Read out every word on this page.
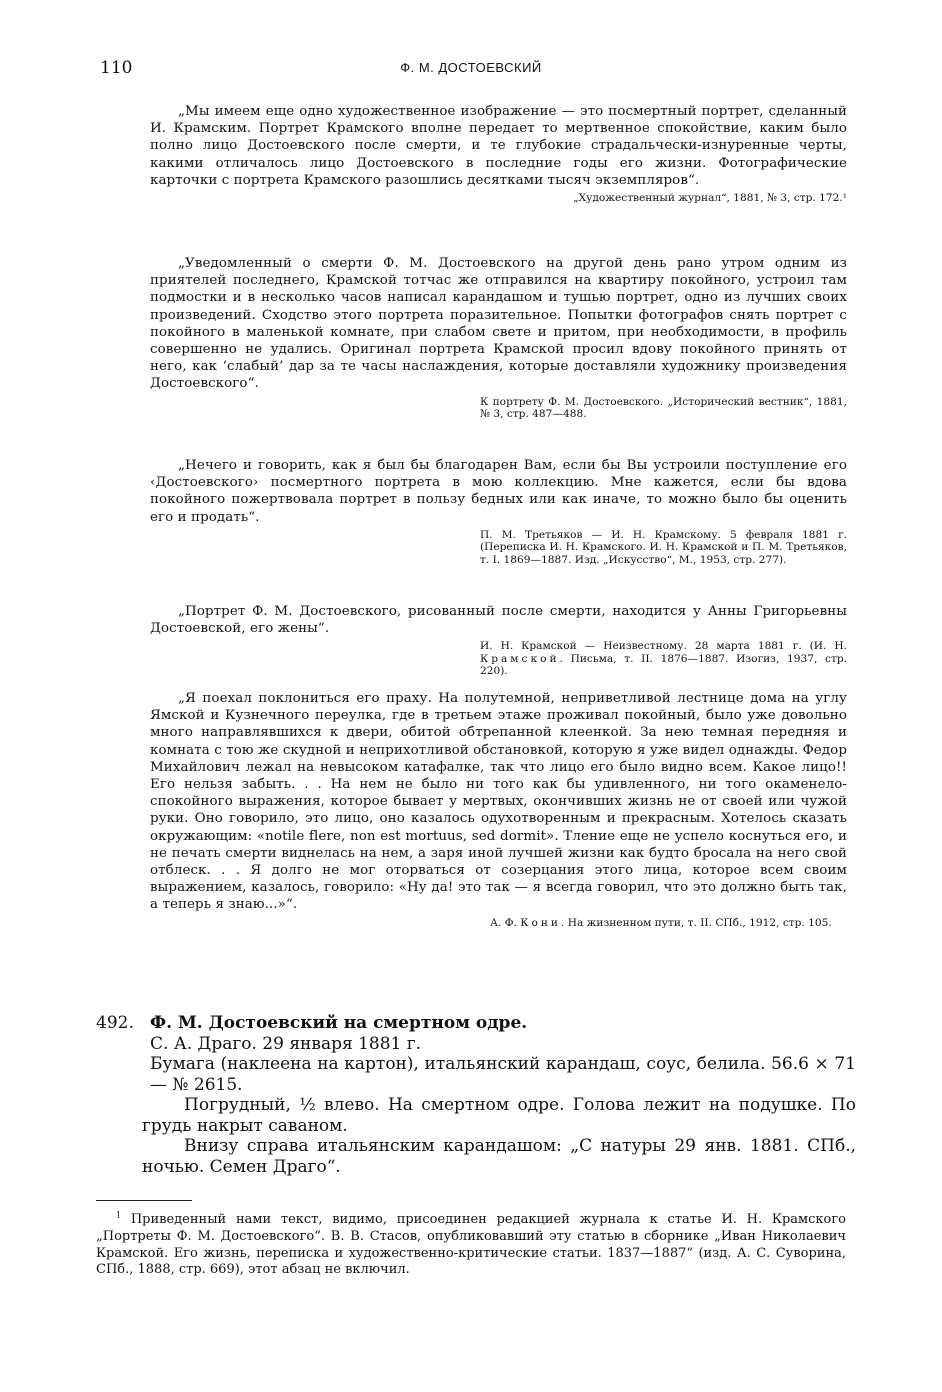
110	Ф. М. ДОСТОЕВСКИЙ

„Мы имеем еще одно художественное изображение — это посмертный портрет, сделанный И. Крамским. Портрет Крамского вполне передает то мертвенное спокойствие, каким было полно лицо Достоевского после смерти, и те глубокие страдальчески-изнуренные черты, какими отличалось лицо Достоевского в последние годы его жизни. Фотографические карточки с портрета Крамского разошлись десятками тысяч экземпляров“.

„Художественный журнал“, 1881, № 3, стр. 172.¹

„Уведомленный о смерти Ф. М. Достоевского на другой день рано утром одним из приятелей последнего, Крамской тотчас же отправился на квартиру покойного, устроил там подмостки и в несколько часов написал карандашом и тушью портрет, одно из лучших своих произведений. Сходство этого портрета поразительное. Попытки фотографов снять портрет с покойного в маленькой комнате, при слабом свете и притом, при необходимости, в профиль совершенно не удались. Оригинал портрета Крамской просил вдову покойного принять от него, как ‘слабый’ дар за те часы наслаждения, которые доставляли художнику произведения Достоевского“.

К портрету Ф. М. Достоевского. „Исторический вестник“, 1881, № 3, стр. 487—488.

„Нечего и говорить, как я был бы благодарен Вам, если бы Вы устроили поступление его ‹Достоевского› посмертного портрета в мою коллекцию. Мне кажется, если бы вдова покойного пожертвовала портрет в пользу бедных или как иначе, то можно было бы оценить его и продать“.

П. М. Третьяков — И. Н. Крамскому. 5 февраля 1881 г. (Переписка И. Н. Крамского. И. Н. Крамской и П. М. Третьяков, т. I. 1869—1887. Изд. „Искусство“, М., 1953, стр. 277).

„Портрет Ф. М. Достоевского, рисованный после смерти, находится у Анны Григорьевны Достоевской, его жены“.

И. Н. Крамской — Неизвестному. 28 марта 1881 г. (И. Н. Крамской. Письма, т. II. 1876—1887. Изогиз, 1937, стр. 220).

„Я поехал поклониться его праху. На полутемной, неприветливой лестнице дома на углу Ямской и Кузнечного переулка, где в третьем этаже проживал покойный, было уже довольно много направлявшихся к двери, обитой обтрепанной клеенкой. За нею темная передняя и комната с тою же скудной и неприхотливой обстановкой, которую я уже видел однажды. Федор Михайлович лежал на невысоком катафалке, так что лицо его было видно всем. Какое лицо!! Его нельзя забыть. . . На нем не было ни того как бы удивленного, ни того окаменело-спокойного выражения, которое бывает у мертвых, окончивших жизнь не от своей или чужой руки. Оно говорило, это лицо, оно казалось одухотворенным и прекрасным. Хотелось сказать окружающим: «notile flere, non est mortuus, sed dormit». Тление еще не успело коснуться его, и не печать смерти виднелась на нем, а заря иной лучшей жизни как будто бросала на него свой отблеск. . . Я долго не мог оторваться от созерцания этого лица, которое всем своим выражением, казалось, говорило: «Ну да! это так — я всегда говорил, что это должно быть так, а теперь я знаю...»“.

А. Ф. Кони. На жизненном пути, т. II. СПб., 1912, стр. 105.

492. Ф. М. Достоевский на смертном одре.

С. А. Драго. 29 января 1881 г.

Бумага (наклеена на картон), итальянский карандаш, соус, белила. 56.6 × 71 — № 2615.

Погрудный, ½ влево. На смертном одре. Голова лежит на подушке. По грудь накрыт саваном.

Внизу справа итальянским карандашом: „С натуры 29 янв. 1881. СПб., ночью. Семен Драго“.

$^1$ Приведенный нами текст, видимо, присоединен редакцией журнала к статье И. Н. Крамского „Портреты Ф. М. Достоевского“. В. В. Стасов, опубликовавший эту статью в сборнике „Иван Николаевич Крамской. Его жизнь, переписка и художественно-критические статьи. 1837—1887“ (изд. А. С. Суворина, СПб., 1888, стр. 669), этот абзац не включил.
